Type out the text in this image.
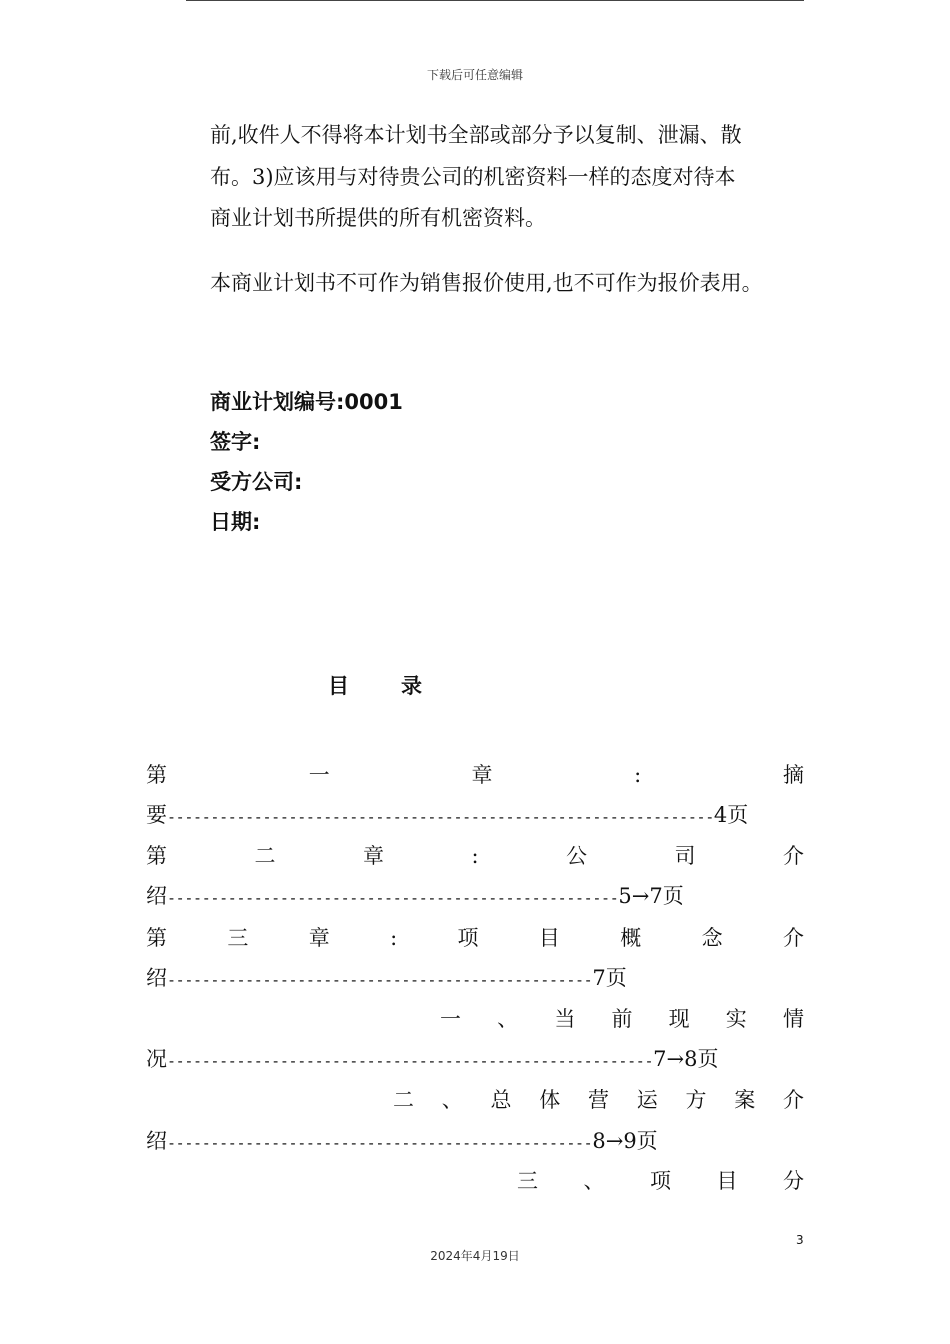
下载后可任意编辑
前,收件人不得将本计划书全部或部分予以复制、泄漏、散
布。3)应该用与对待贵公司的机密资料一样的态度对待本
商业计划书所提供的所有机密资料。
本商业计划书不可作为销售报价使用,也不可作为报价表用。
商业计划编号:0001
签字:
受方公司:
日期:
目 录
第	一	章	:	摘
要---------------------------------------------------------------4页
第	二	章	:	公	司	介
绍----------------------------------------------------5→7页
第	三	章	:	项	目	概	念	介
绍-------------------------------------------------7页
一 、 当 前 现 实 情
况--------------------------------------------------------7→8页
二 、 总 体 营 运 方 案 介
绍-------------------------------------------------8→9页
三 、 项 目 分
3
2024年4月19日
